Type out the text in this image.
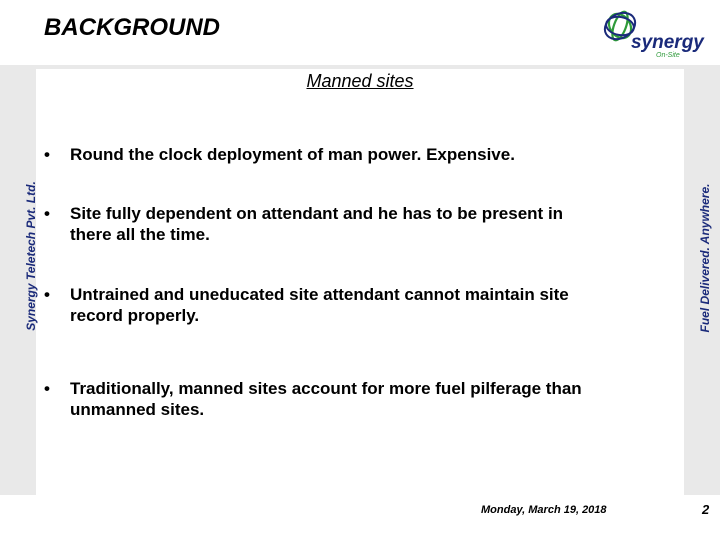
BACKGROUND
synergy
On-Site
Manned sites
•	Round the clock deployment of man power. Expensive.
•	Site fully dependent on attendant and he has to be present in
there all the time.
•	Untrained and uneducated site attendant cannot maintain site
record properly.
•	Traditionally, manned sites account for more fuel pilferage than
unmanned sites.
Synergy Teletech Pvt. Ltd.	Fuel Delivered. Anywhere.
Monday, March 19, 2018	2
